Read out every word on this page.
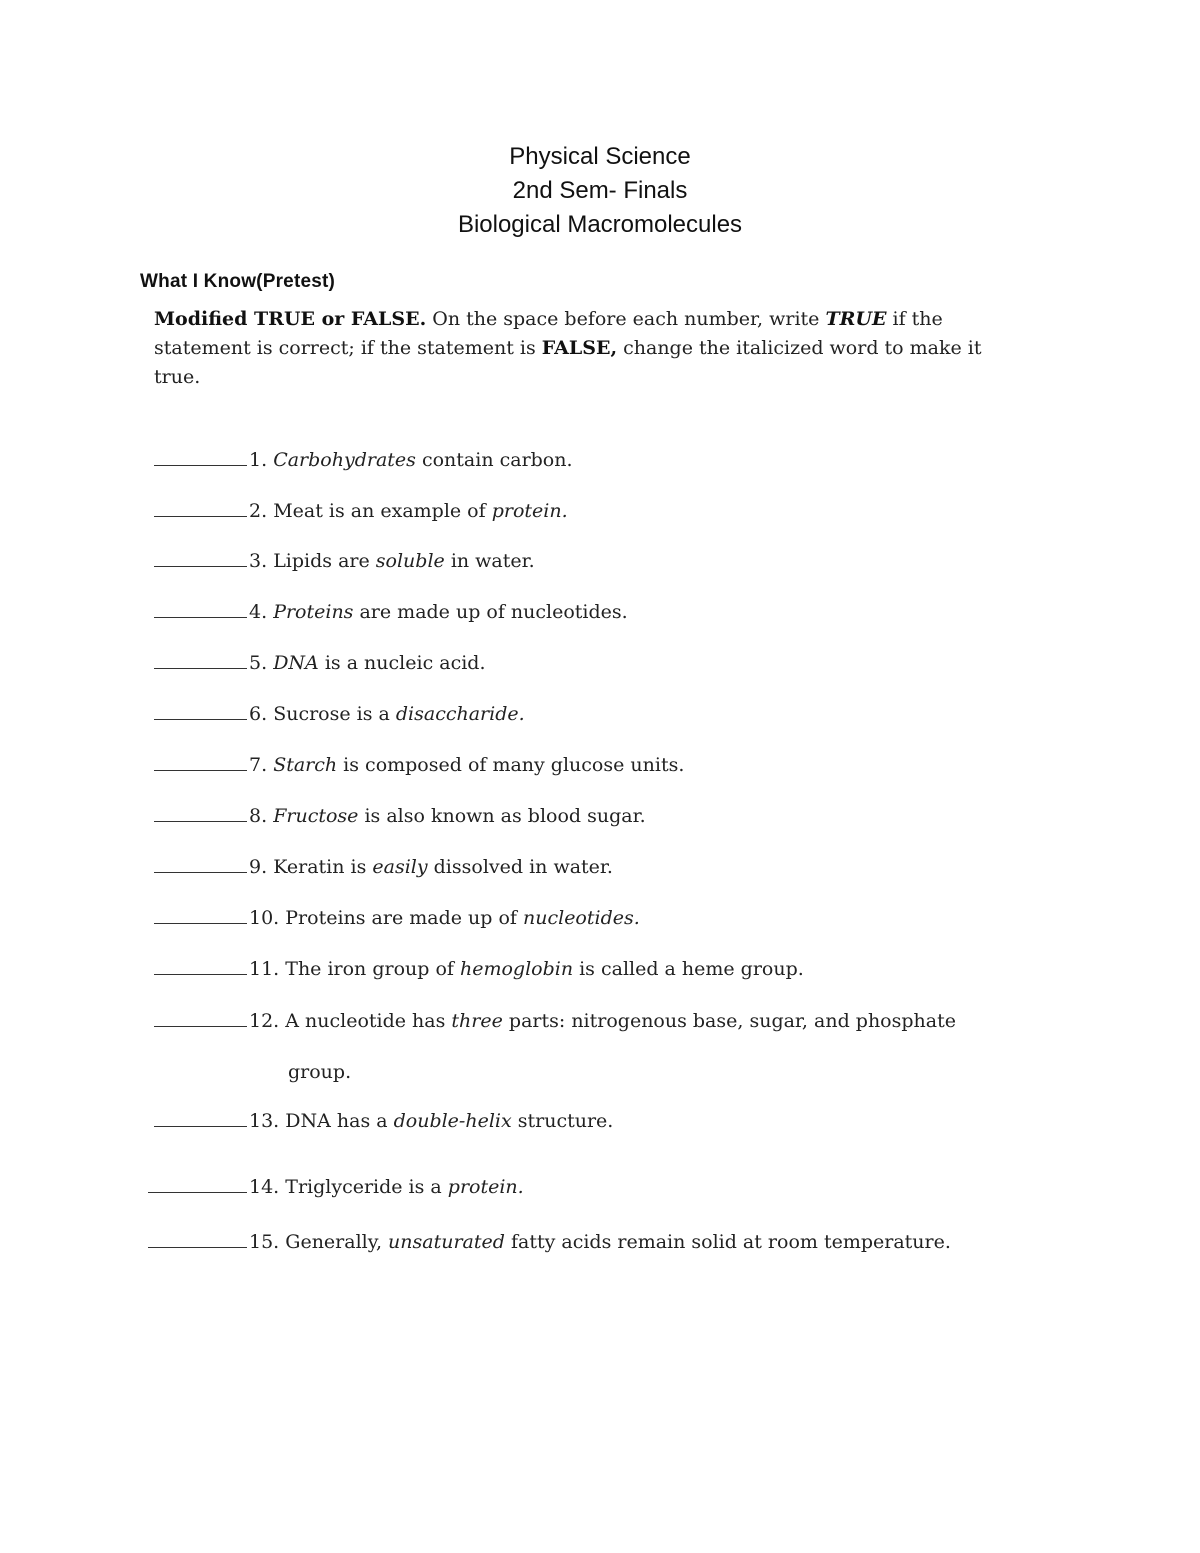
Physical Science
2nd Sem- Finals
Biological Macromolecules
What I Know(Pretest)
Modified TRUE or FALSE. On the space before each number, write TRUE if the statement is correct; if the statement is FALSE, change the italicized word to make it true.
1. Carbohydrates contain carbon.
2. Meat is an example of protein.
3. Lipids are soluble in water.
4. Proteins are made up of nucleotides.
5. DNA is a nucleic acid.
6. Sucrose is a disaccharide.
7. Starch is composed of many glucose units.
8. Fructose is also known as blood sugar.
9. Keratin is easily dissolved in water.
10. Proteins are made up of nucleotides.
11. The iron group of hemoglobin is called a heme group.
12. A nucleotide has three parts: nitrogenous base, sugar, and phosphate
group.
13. DNA has a double-helix structure.
14. Triglyceride is a protein.
15. Generally, unsaturated fatty acids remain solid at room temperature.
